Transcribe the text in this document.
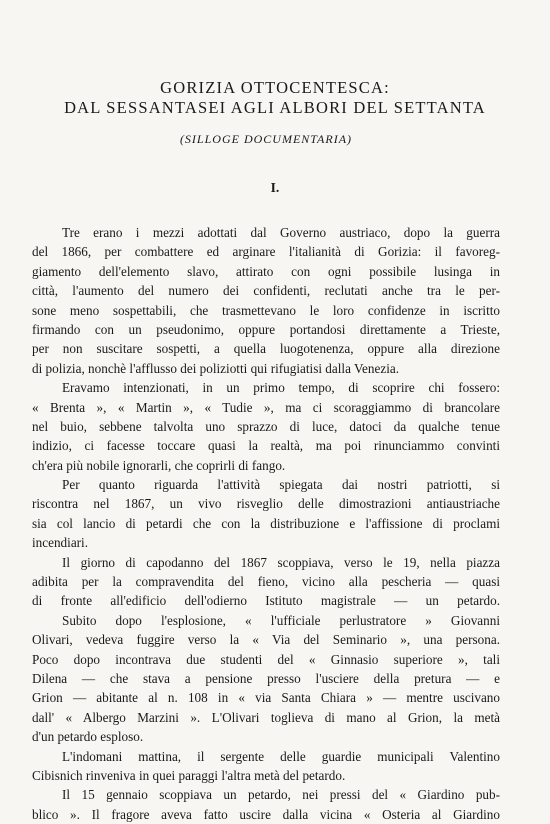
GORIZIA OTTOCENTESCA:
DAL SESSANTASEI AGLI ALBORI DEL SETTANTA
(SILLOGE DOCUMENTARIA)
I.
Tre erano i mezzi adottati dal Governo austriaco, dopo la guerra
del 1866, per combattere ed arginare l'italianità di Gorizia: il favoreg-
giamento dell'elemento slavo, attirato con ogni possibile lusinga in
città, l'aumento del numero dei confidenti, reclutati anche tra le per-
sone meno sospettabili, che trasmettevano le loro confidenze in iscritto
firmando con un pseudonimo, oppure portandosi direttamente a Trieste,
per non suscitare sospetti, a quella luogotenenza, oppure alla direzione
di polizia, nonchè l'afflusso dei poliziotti qui rifugiatisi dalla Venezia.
Eravamo intenzionati, in un primo tempo, di scoprire chi fossero:
« Brenta », « Martin », « Tudie », ma ci scoraggiammo di brancolare
nel buio, sebbene talvolta uno sprazzo di luce, datoci da qualche tenue
indizio, ci facesse toccare quasi la realtà, ma poi rinunciammo convinti
ch'era più nobile ignorarli, che coprirli di fango.
Per quanto riguarda l'attività spiegata dai nostri patriotti, si
riscontra nel 1867, un vivo risveglio delle dimostrazioni antiaustriache
sia col lancio di petardi che con la distribuzione e l'affissione di proclami
incendiari.
Il giorno di capodanno del 1867 scoppiava, verso le 19, nella piazza
adibita per la compravendita del fieno, vicino alla pescheria — quasi
di fronte all'edificio dell'odierno Istituto magistrale — un petardo.
Subito dopo l'esplosione, « l'ufficiale perlustratore » Giovanni
Olivari, vedeva fuggire verso la « Via del Seminario », una persona.
Poco dopo incontrava due studenti del « Ginnasio superiore », tali
Dilena — che stava a pensione presso l'usciere della pretura — e
Grion — abitante al n. 108 in « via Santa Chiara » — mentre uscivano
dall' « Albergo Marzini ». L'Olivari toglieva di mano al Grion, la metà
d'un petardo esploso.
L'indomani mattina, il sergente delle guardie municipali Valentino
Cibisnich rinveniva in quei paraggi l'altra metà del petardo.
Il 15 gennaio scoppiava un petardo, nei pressi del « Giardino pub-
blico ». Il fragore aveva fatto uscire dalla vicina « Osteria al Giardino
